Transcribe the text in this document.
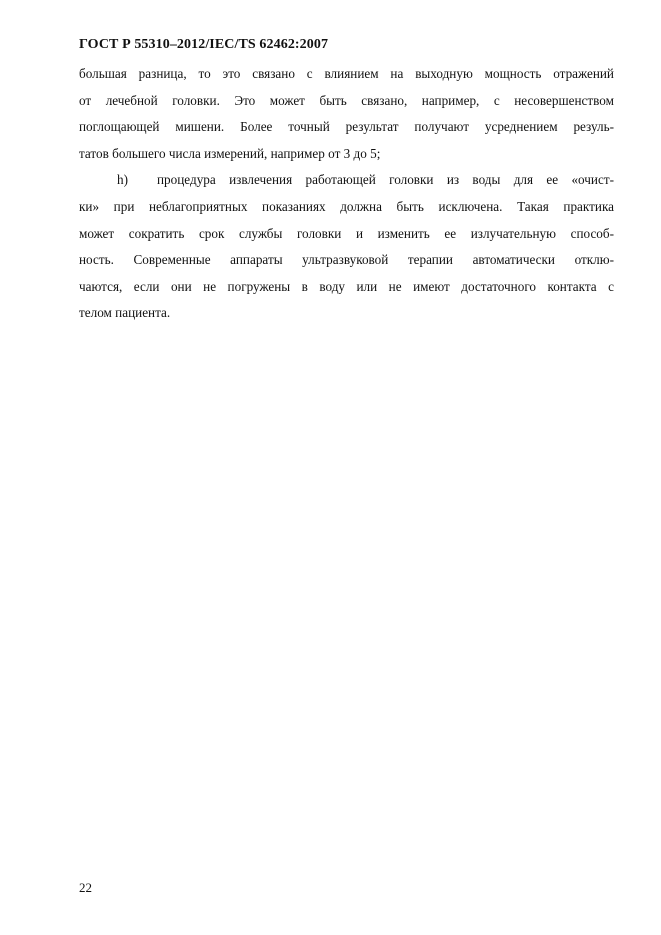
ГОСТ Р 55310–2012/IEC/TS 62462:2007
большая разница, то это связано с влиянием на выходную мощность отражений
от лечебной головки. Это может быть связано, например, с несовершенством
поглощающей мишени. Более точный результат получают усреднением резуль-
татов большего числа измерений, например от 3 до 5;
h) процедура извлечения работающей головки из воды для ее «очист-
ки» при неблагоприятных показаниях должна быть исключена. Такая практика
может сократить срок службы головки и изменить ее излучательную способ-
ность. Современные аппараты ультразвуковой терапии автоматически отклю-
чаются, если они не погружены в воду или не имеют достаточного контакта с
телом пациента.
22
